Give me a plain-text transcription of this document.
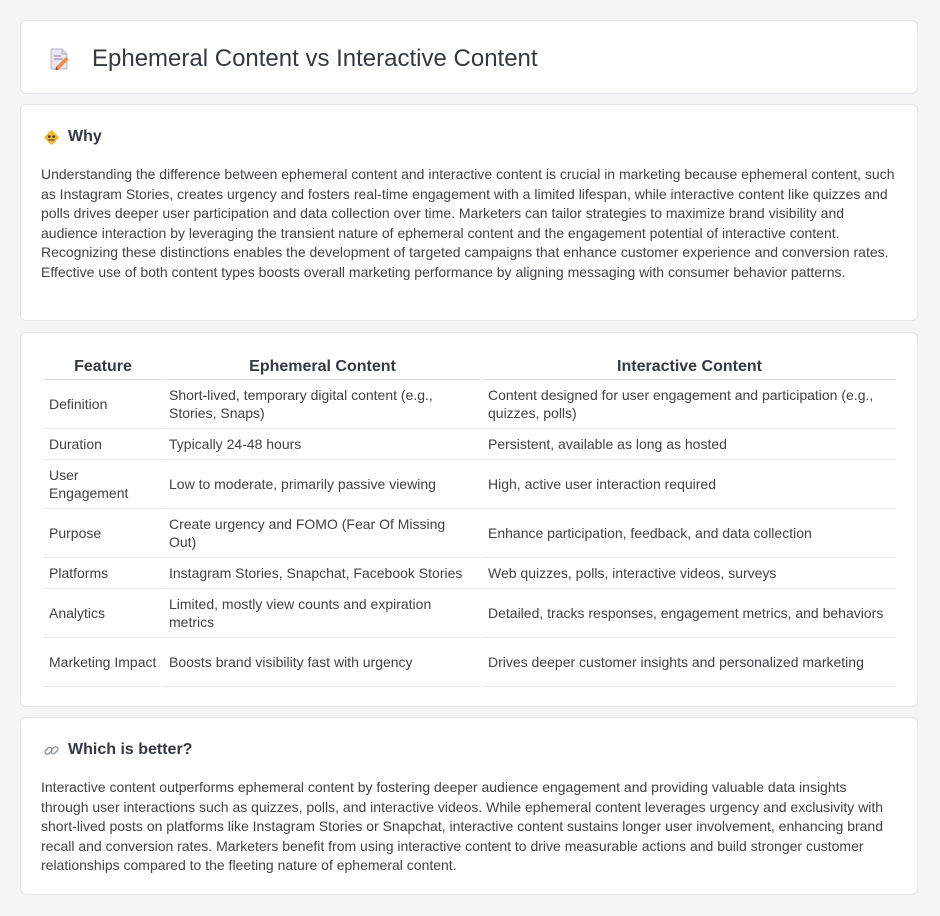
Ephemeral Content vs Interactive Content
Why

Understanding the difference between ephemeral content and interactive content is crucial in marketing because ephemeral content, such as Instagram Stories, creates urgency and fosters real-time engagement with a limited lifespan, while interactive content like quizzes and polls drives deeper user participation and data collection over time. Marketers can tailor strategies to maximize brand visibility and audience interaction by leveraging the transient nature of ephemeral content and the engagement potential of interactive content. Recognizing these distinctions enables the development of targeted campaigns that enhance customer experience and conversion rates. Effective use of both content types boosts overall marketing performance by aligning messaging with consumer behavior patterns.

Feature	Ephemeral Content	Interactive Content
Definition	Short-lived, temporary digital content (e.g., Stories, Snaps)	Content designed for user engagement and participation (e.g., quizzes, polls)
Duration	Typically 24-48 hours	Persistent, available as long as hosted
User Engagement	Low to moderate, primarily passive viewing	High, active user interaction required
Purpose	Create urgency and FOMO (Fear Of Missing Out)	Enhance participation, feedback, and data collection
Platforms	Instagram Stories, Snapchat, Facebook Stories	Web quizzes, polls, interactive videos, surveys
Analytics	Limited, mostly view counts and expiration metrics	Detailed, tracks responses, engagement metrics, and behaviors
Marketing Impact	Boosts brand visibility fast with urgency	Drives deeper customer insights and personalized marketing
Which is better?

Interactive content outperforms ephemeral content by fostering deeper audience engagement and providing valuable data insights through user interactions such as quizzes, polls, and interactive videos. While ephemeral content leverages urgency and exclusivity with short-lived posts on platforms like Instagram Stories or Snapchat, interactive content sustains longer user involvement, enhancing brand recall and conversion rates. Marketers benefit from using interactive content to drive measurable actions and build stronger customer relationships compared to the fleeting nature of ephemeral content.
